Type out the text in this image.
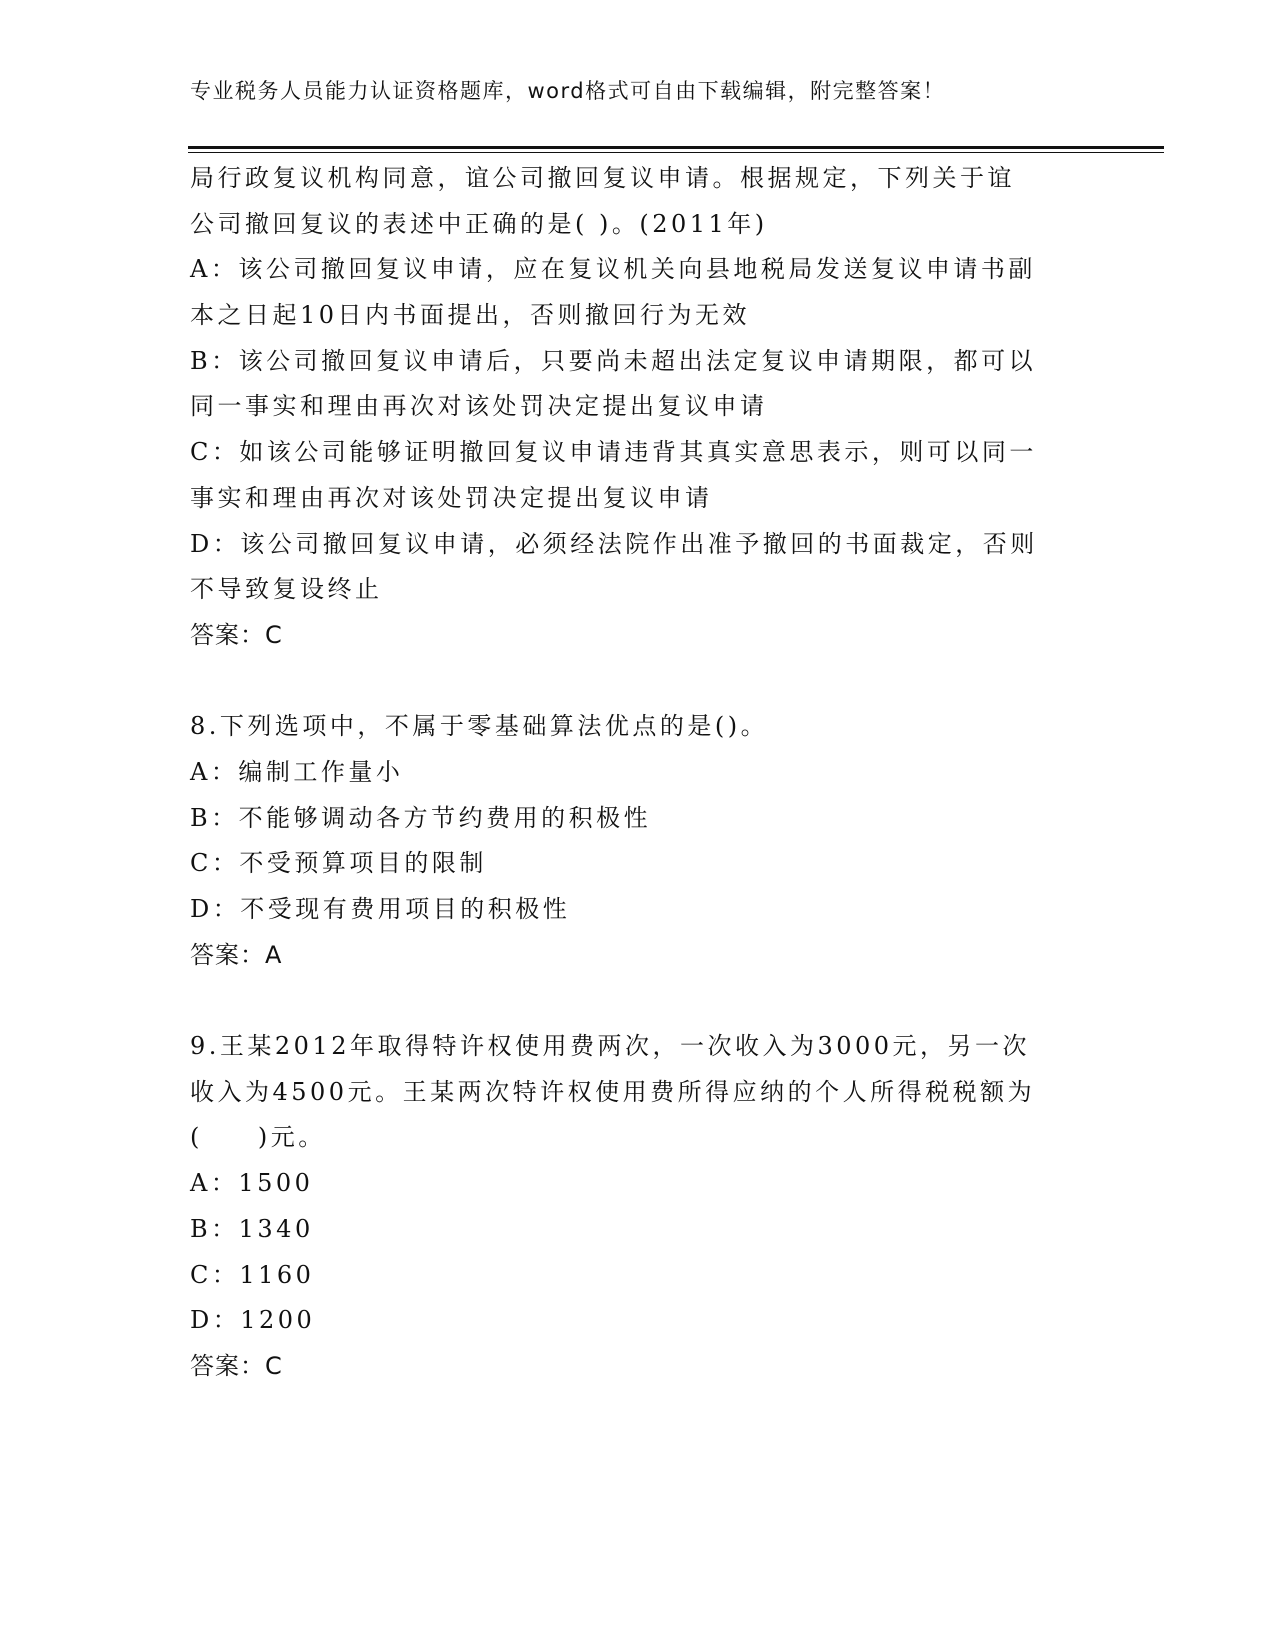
专业税务人员能力认证资格题库，word格式可自由下载编辑，附完整答案！
局行政复议机构同意，谊公司撤回复议申请。根据规定，下列关于谊
公司撤回复议的表述中正确的是( )。(2011年)
A：该公司撤回复议申请，应在复议机关向县地税局发送复议申请书副
本之日起10日内书面提出，否则撤回行为无效
B：该公司撤回复议申请后，只要尚未超出法定复议申请期限，都可以
同一事实和理由再次对该处罚决定提出复议申请
C：如该公司能够证明撤回复议申请违背其真实意思表示，则可以同一
事实和理由再次对该处罚决定提出复议申请
D：该公司撤回复议申请，必须经法院作出准予撤回的书面裁定，否则
不导致复设终止
答案：C
8.下列选项中，不属于零基础算法优点的是()。
A：编制工作量小
B：不能够调动各方节约费用的积极性
C：不受预算项目的限制
D：不受现有费用项目的积极性
答案：A
9.王某2012年取得特许权使用费两次，一次收入为3000元，另一次
收入为4500元。王某两次特许权使用费所得应纳的个人所得税税额为
(　　)元。
A：1500
B：1340
C：1160
D：1200
答案：C
